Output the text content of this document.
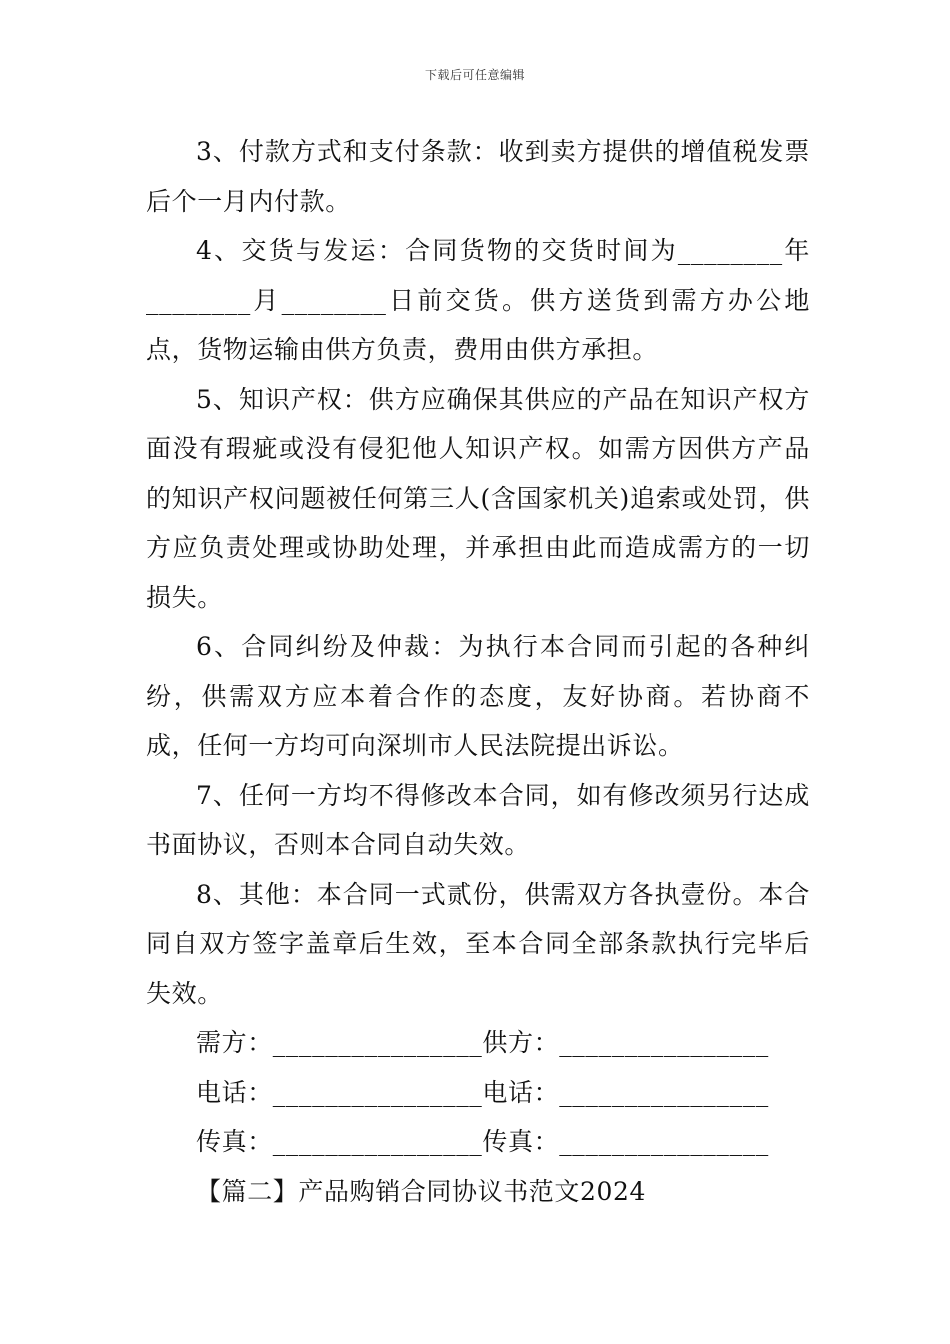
下载后可任意编辑

3、付款方式和支付条款：收到卖方提供的增值税发票后个一月内付款。

4、交货与发运：合同货物的交货时间为________年________月________日前交货。供方送货到需方办公地点，货物运输由供方负责，费用由供方承担。

5、知识产权：供方应确保其供应的产品在知识产权方面没有瑕疵或没有侵犯他人知识产权。如需方因供方产品的知识产权问题被任何第三人(含国家机关)追索或处罚，供方应负责处理或协助处理，并承担由此而造成需方的一切损失。

6、合同纠纷及仲裁：为执行本合同而引起的各种纠纷，供需双方应本着合作的态度，友好协商。若协商不成，任何一方均可向深圳市人民法院提出诉讼。

7、任何一方均不得修改本合同，如有修改须另行达成书面协议，否则本合同自动失效。

8、其他：本合同一式贰份，供需双方各执壹份。本合同自双方签字盖章后生效，至本合同全部条款执行完毕后失效。

需方：________________供方：________________
电话：________________电话：________________
传真：________________传真：________________
【篇二】产品购销合同协议书范文2024
